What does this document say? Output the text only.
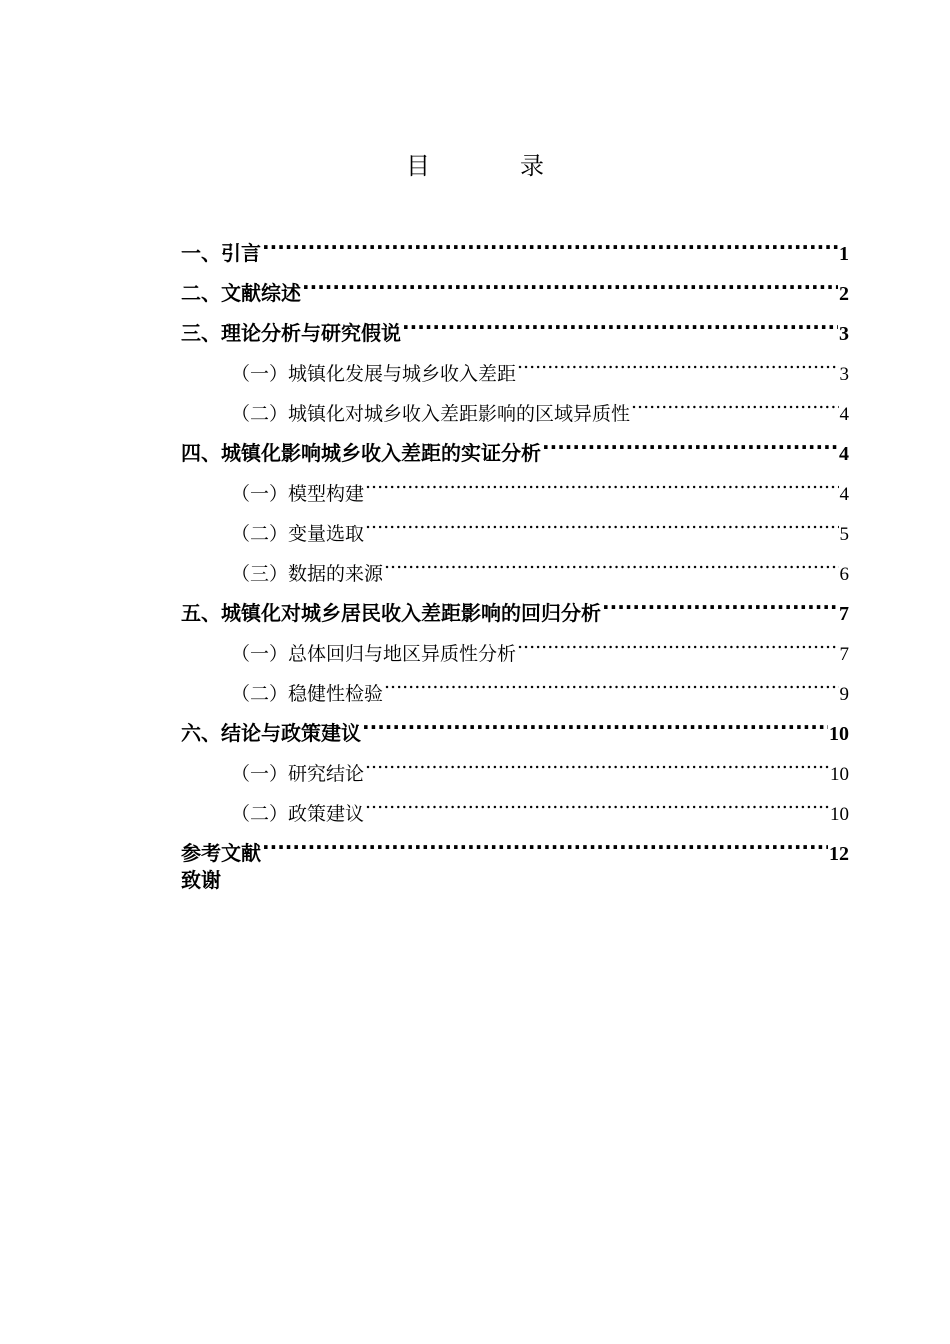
目	录
一、引言 .....	1
二、文献综述 .....	2
三、理论分析与研究假说 .....	3
（一）城镇化发展与城乡收入差距 .....	3
（二）城镇化对城乡收入差距影响的区域异质性 .....	4
四、城镇化影响城乡收入差距的实证分析 .....	4
（一）模型构建 .....	4
（二）变量选取 .....	5
（三）数据的来源 .....	6
五、城镇化对城乡居民收入差距影响的回归分析 .....	7
（一）总体回归与地区异质性分析 .....	7
（二）稳健性检验 .....	9
六、结论与政策建议 .....	10
（一）研究结论 .....	10
（二）政策建议 .....	10
参考文献 .....	12
致谢
